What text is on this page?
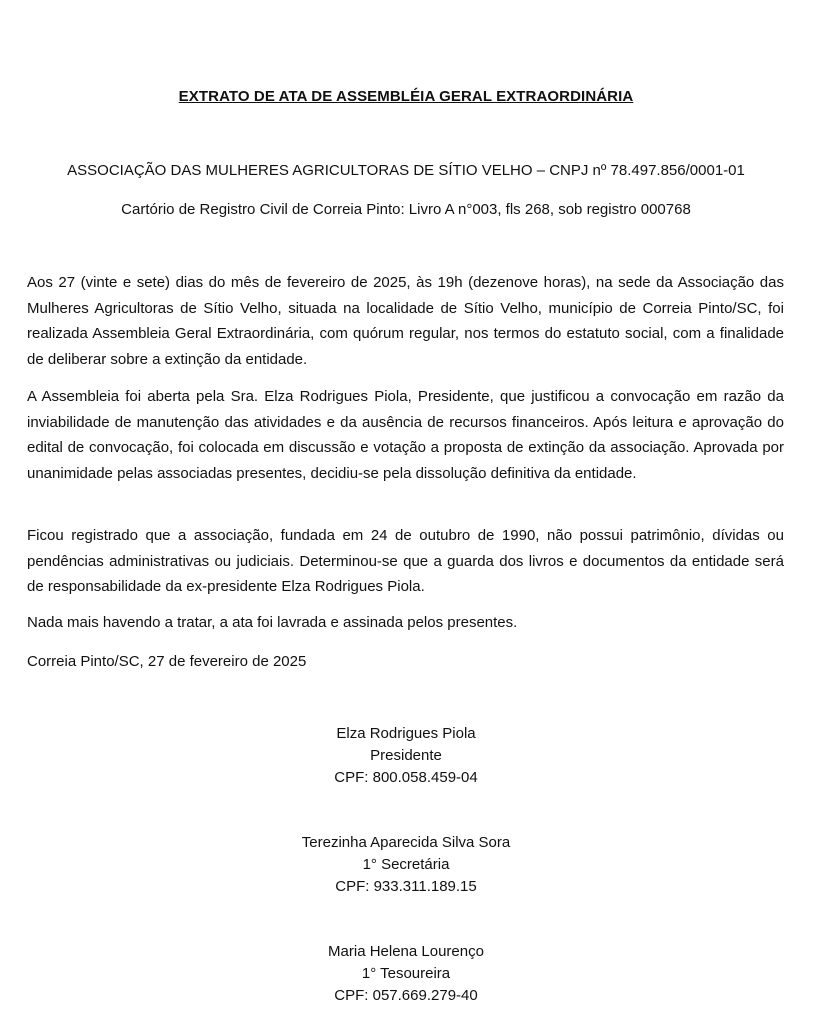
EXTRATO DE ATA DE ASSEMBLÉIA GERAL EXTRAORDINÁRIA
ASSOCIAÇÃO DAS MULHERES AGRICULTORAS DE SÍTIO VELHO – CNPJ nº 78.497.856/0001-01
Cartório de Registro Civil de Correia Pinto: Livro A n°003, fls 268, sob registro 000768
Aos 27 (vinte e sete) dias do mês de fevereiro de 2025, às 19h (dezenove horas), na sede da Associação das Mulheres Agricultoras de Sítio Velho, situada na localidade de Sítio Velho, município de Correia Pinto/SC, foi realizada Assembleia Geral Extraordinária, com quórum regular, nos termos do estatuto social, com a finalidade de deliberar sobre a extinção da entidade.
A Assembleia foi aberta pela Sra. Elza Rodrigues Piola, Presidente, que justificou a convocação em razão da inviabilidade de manutenção das atividades e da ausência de recursos financeiros. Após leitura e aprovação do edital de convocação, foi colocada em discussão e votação a proposta de extinção da associação. Aprovada por unanimidade pelas associadas presentes, decidiu-se pela dissolução definitiva da entidade.
Ficou registrado que a associação, fundada em 24 de outubro de 1990, não possui patrimônio, dívidas ou pendências administrativas ou judiciais. Determinou-se que a guarda dos livros e documentos da entidade será de responsabilidade da ex-presidente Elza Rodrigues Piola.
Nada mais havendo a tratar, a ata foi lavrada e assinada pelos presentes.
Correia Pinto/SC, 27 de fevereiro de 2025
Elza Rodrigues Piola
Presidente
CPF: 800.058.459-04
Terezinha Aparecida Silva Sora
1° Secretária
CPF: 933.311.189.15
Maria Helena Lourenço
1° Tesoureira
CPF: 057.669.279-40
